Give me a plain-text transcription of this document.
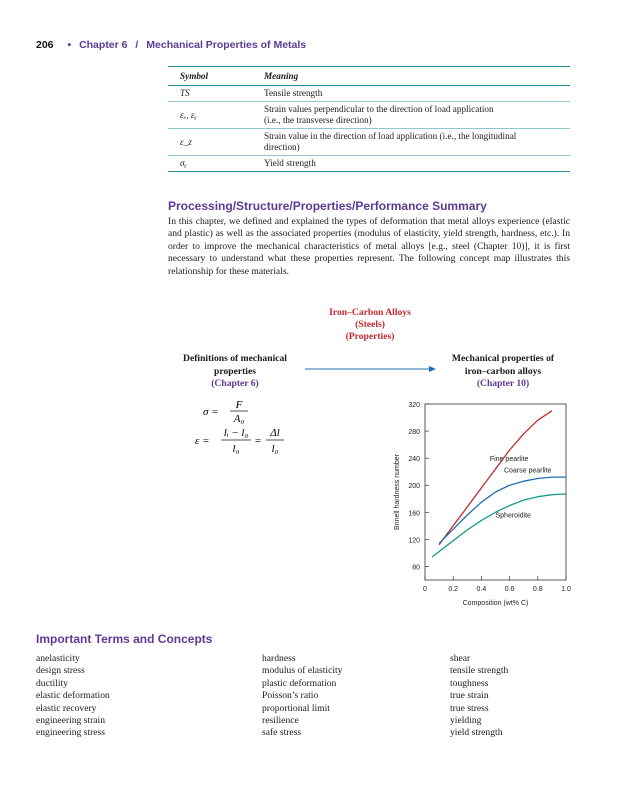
206 • Chapter 6 / Mechanical Properties of Metals
Symbol	Meaning
TS	Tensile strength
εₓ, εᵧ	Strain values perpendicular to the direction of load application
(i.e., the transverse direction)

ε_z	Strain value in the direction of load application (i.e., the longitudinal
direction)

σᵧ	Yield strength
Processing/Structure/Properties/Performance Summary

In this chapter, we defined and explained the types of deformation that metal alloys experience (elastic and plastic) as well as the associated properties (modulus of elasticity, yield strength, hardness, etc.). In order to improve the mechanical characteristics of metal alloys [e.g., steel (Chapter 10)], it is first necessary to understand what these properties represent. The following concept map illustrates this relationship for these materials.

Iron–Carbon Alloys
(Steels)
(Properties)
Definitions of mechanical
properties
(Chapter 6)
Mechanical properties of
iron–carbon alloys
(Chapter 10)
σ =
F
A₀
ε =
lᵢ − l₀
l₀
=
Δl
l₀
80
120
160
200
240
280
320
0	0.2	0.4	0.6	0.8	1.0
Composition (wt% C)
Brinell hardness number	Fine pearlite
Coarse pearlite
Spheroidite
Important Terms and Concepts
anelasticity
design stress
ductility
elastic deformation
elastic recovery
engineering strain
engineering stress
hardness
modulus of elasticity
plastic deformation
Poisson’s ratio
proportional limit
resilience
safe stress
shear
tensile strength
toughness
true strain
true stress
yielding
yield strength
